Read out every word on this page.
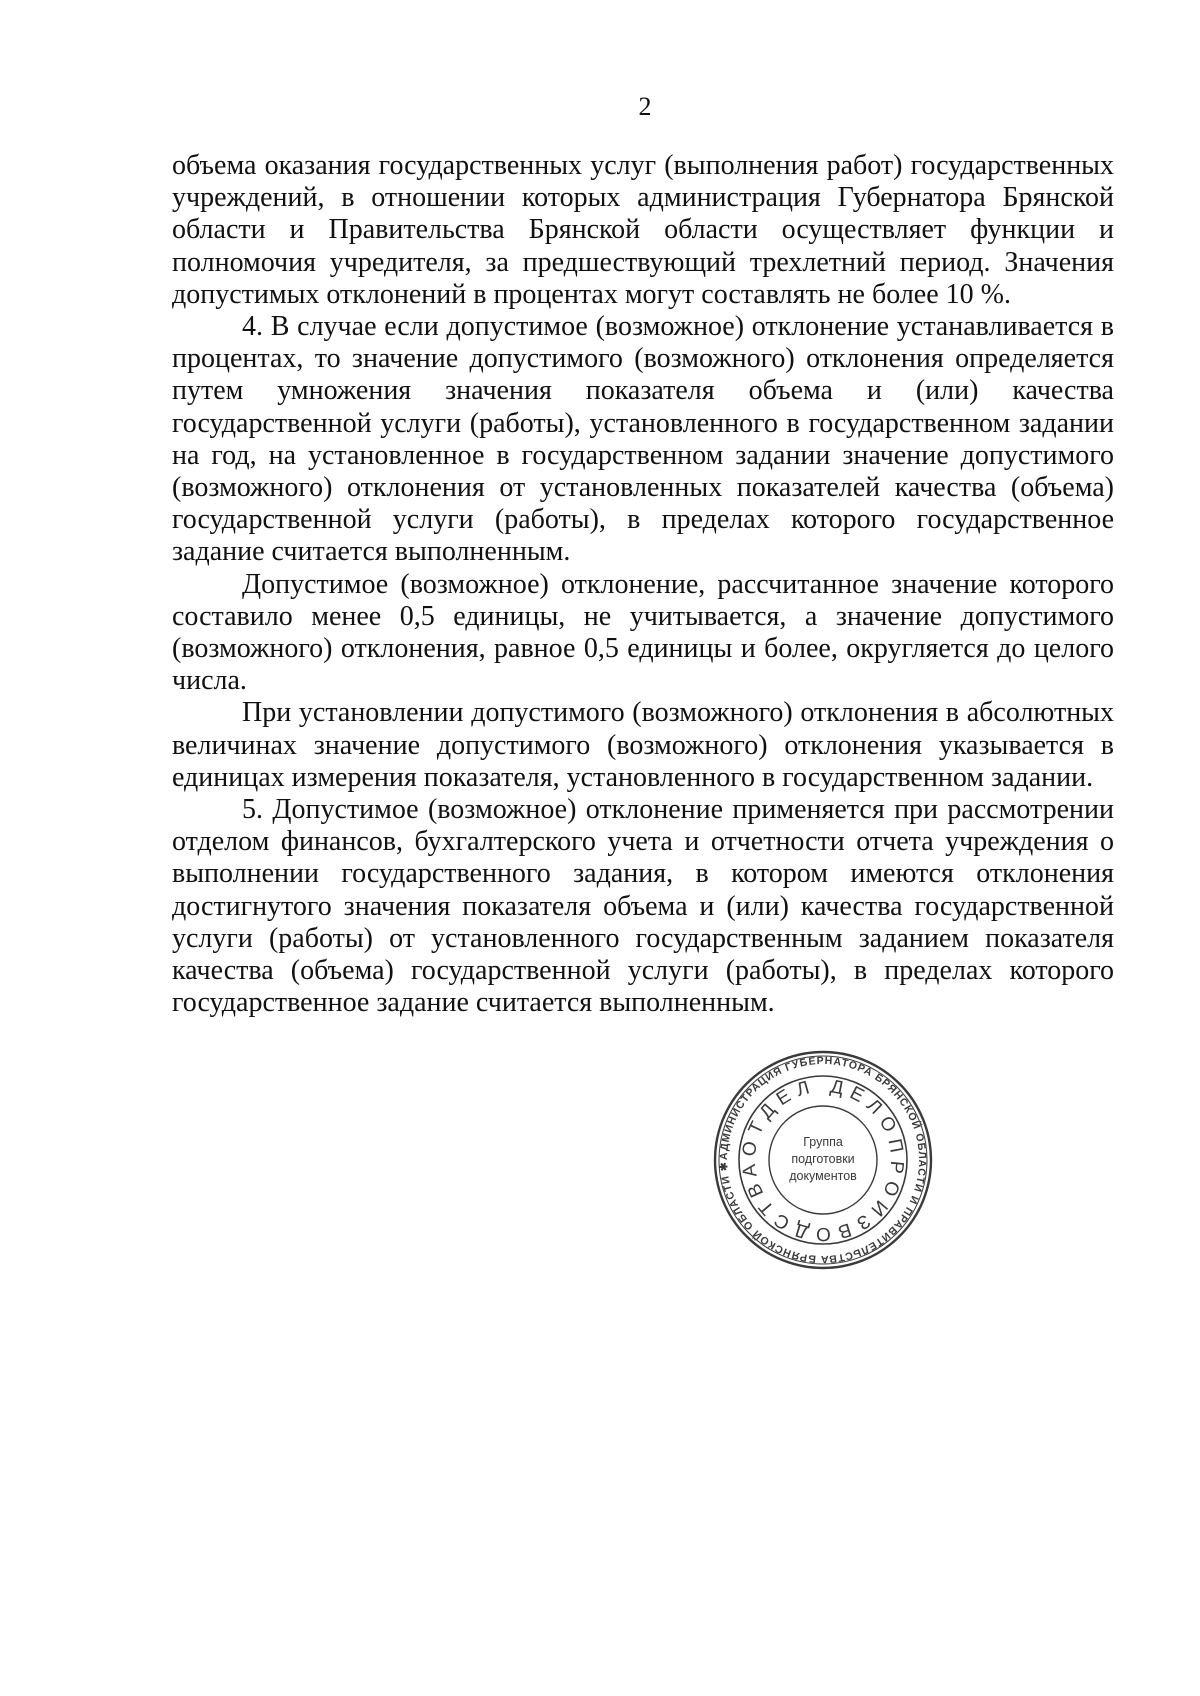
2

объема оказания государственных услуг (выполнения работ) государственных учреждений, в отношении которых администрация Губернатора Брянской области и Правительства Брянской области осуществляет функции и полномочия учредителя, за предшествующий трехлетний период. Значения допустимых отклонений в процентах могут составлять не более 10 %.

4. В случае если допустимое (возможное) отклонение устанавливается в процентах, то значение допустимого (возможного) отклонения определяется путем умножения значения показателя объема и (или) качества государственной услуги (работы), установленного в государственном задании на год, на установленное в государственном задании значение допустимого (возможного) отклонения от установленных показателей качества (объема) государственной услуги (работы), в пределах которого государственное задание считается выполненным.

Допустимое (возможное) отклонение, рассчитанное значение которого составило менее 0,5 единицы, не учитывается, а значение допустимого (возможного) отклонения, равное 0,5 единицы и более, округляется до целого числа.

При установлении допустимого (возможного) отклонения в абсолютных величинах значение допустимого (возможного) отклонения указывается в единицах измерения показателя, установленного в государственном задании.

5. Допустимое (возможное) отклонение применяется при рассмотрении отделом финансов, бухгалтерского учета и отчетности отчета учреждения о выполнении государственного задания, в котором имеются отклонения достигнутого значения показателя объема и (или) качества государственной услуги (работы) от установленного государственным заданием показателя качества (объема) государственной услуги (работы), в пределах которого государственное задание считается выполненным.

АДМИНИСТРАЦИЯ ГУБЕРНАТОРА БРЯНСКОЙ ОБЛАСТИ И ПРАВИТЕЛЬСТВА БРЯНСКОЙ ОБЛАСТИ ✱
ОТДЕЛ ДЕЛОПРОИЗВОДСТВА
Группа
подготовки
документов
